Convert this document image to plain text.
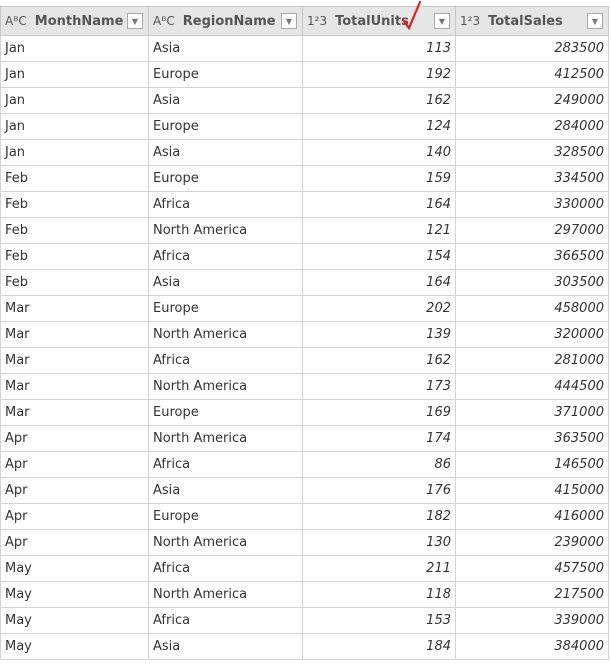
AᴮC MonthName ▼	AᴮC RegionName ▼	1²3 TotalUnits ▼	1²3 TotalSales ▼

Jan	Asia	113	283500
Jan	Europe	192	412500
Jan	Asia	162	249000
Jan	Europe	124	284000
Jan	Asia	140	328500
Feb	Europe	159	334500
Feb	Africa	164	330000
Feb	North America	121	297000
Feb	Africa	154	366500
Feb	Asia	164	303500
Mar	Europe	202	458000
Mar	North America	139	320000
Mar	Africa	162	281000
Mar	North America	173	444500
Mar	Europe	169	371000
Apr	North America	174	363500
Apr	Africa	86	146500
Apr	Asia	176	415000
Apr	Europe	182	416000
Apr	North America	130	239000
May	Africa	211	457500
May	North America	118	217500
May	Africa	153	339000
May	Asia	184	384000
